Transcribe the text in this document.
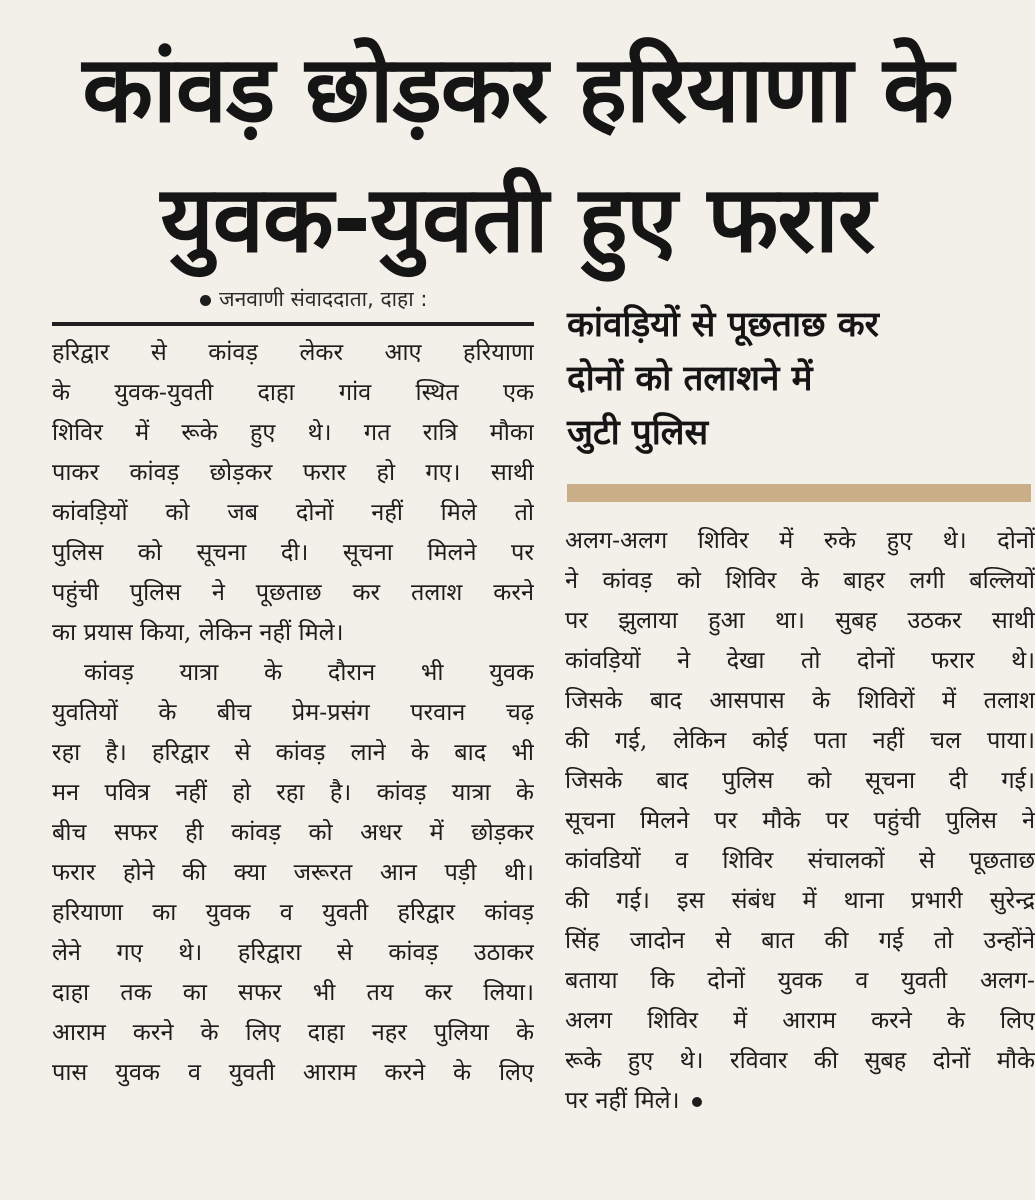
कांवड़ छोड़कर हरियाणा के
युवक-युवती हुए फरार
जनवाणी संवाददाता, दाहा :
हरिद्वार से कांवड़ लेकर आए हरियाणा
के युवक-युवती दाहा गांव स्थित एक
शिविर में रूके हुए थे। गत रात्रि मौका
पाकर कांवड़ छोड़कर फरार हो गए। साथी
कांवड़ियों को जब दोनों नहीं मिले तो
पुलिस को सूचना दी। सूचना मिलने पर
पहुंची पुलिस ने पूछताछ कर तलाश करने
का प्रयास किया, लेकिन नहीं मिले।
कांवड़ यात्रा के दौरान भी युवक
युवतियों के बीच प्रेम-प्रसंग परवान चढ़
रहा है। हरिद्वार से कांवड़ लाने के बाद भी
मन पवित्र नहीं हो रहा है। कांवड़ यात्रा के
बीच सफर ही कांवड़ को अधर में छोड़कर
फरार होने की क्या जरूरत आन पड़ी थी।
हरियाणा का युवक व युवती हरिद्वार कांवड़
लेने गए थे। हरिद्वारा से कांवड़ उठाकर
दाहा तक का सफर भी तय कर लिया।
आराम करने के लिए दाहा नहर पुलिया के
पास युवक व युवती आराम करने के लिए
कांवड़ियों से पूछताछ कर
दोनों को तलाशने में
जुटी पुलिस
अलग-अलग शिविर में रुके हुए थे। दोनों
ने कांवड़ को शिविर के बाहर लगी बल्लियों
पर झुलाया हुआ था। सुबह उठकर साथी
कांवड़ियों ने देखा तो दोनों फरार थे।
जिसके बाद आसपास के शिविरों में तलाश
की गई, लेकिन कोई पता नहीं चल पाया।
जिसके बाद पुलिस को सूचना दी गई।
सूचना मिलने पर मौके पर पहुंची पुलिस ने
कांवडियों व शिविर संचालकों से पूछताछ
की गई। इस संबंध में थाना प्रभारी सुरेन्द्र
सिंह जादोन से बात की गई तो उन्होंने
बताया कि दोनों युवक व युवती अलग-
अलग शिविर में आराम करने के लिए
रूके हुए थे। रविवार की सुबह दोनों मौके
पर नहीं मिले।
